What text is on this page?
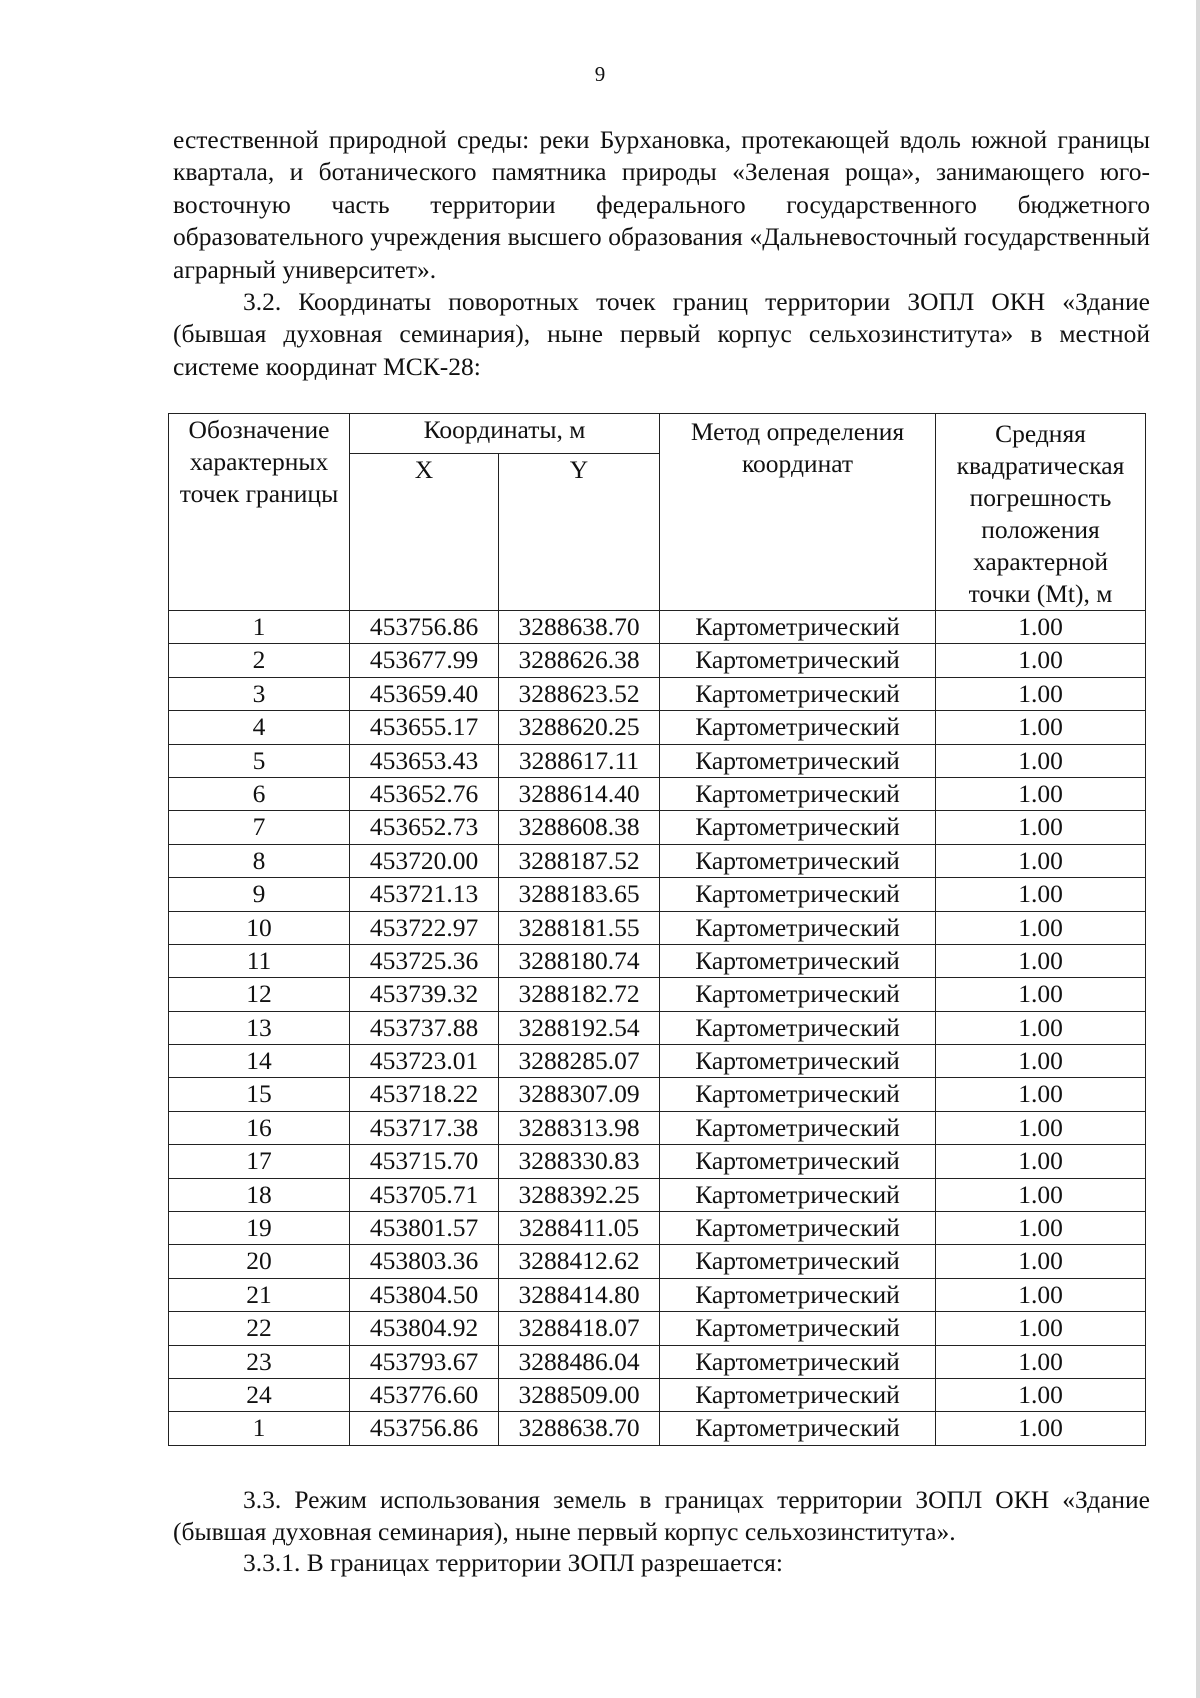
9

естественной природной среды: реки Бурхановка, протекающей вдоль южной границы квартала, и ботанического памятника природы «Зеленая роща», занимающего юго-восточную часть территории федерального государственного бюджетного образовательного учреждения высшего образования «Дальневосточный государственный аграрный университет».

3.2. Координаты поворотных точек границ территории ЗОПЛ ОКН «Здание (бывшая духовная семинария), ныне первый корпус сельхозинститута» в местной системе координат МСК-28:

Обозначение характерных точек границы	Координаты, м		Метод определения координат	Средняя квадратическая погрешность положения характерной точки (Mt), м
	X	Y		
1	453756.86	3288638.70	Картометрический	1.00
2	453677.99	3288626.38	Картометрический	1.00
3	453659.40	3288623.52	Картометрический	1.00
4	453655.17	3288620.25	Картометрический	1.00
5	453653.43	3288617.11	Картометрический	1.00
6	453652.76	3288614.40	Картометрический	1.00
7	453652.73	3288608.38	Картометрический	1.00
8	453720.00	3288187.52	Картометрический	1.00
9	453721.13	3288183.65	Картометрический	1.00
10	453722.97	3288181.55	Картометрический	1.00
11	453725.36	3288180.74	Картометрический	1.00
12	453739.32	3288182.72	Картометрический	1.00
13	453737.88	3288192.54	Картометрический	1.00
14	453723.01	3288285.07	Картометрический	1.00
15	453718.22	3288307.09	Картометрический	1.00
16	453717.38	3288313.98	Картометрический	1.00
17	453715.70	3288330.83	Картометрический	1.00
18	453705.71	3288392.25	Картометрический	1.00
19	453801.57	3288411.05	Картометрический	1.00
20	453803.36	3288412.62	Картометрический	1.00
21	453804.50	3288414.80	Картометрический	1.00
22	453804.92	3288418.07	Картометрический	1.00
23	453793.67	3288486.04	Картометрический	1.00
24	453776.60	3288509.00	Картометрический	1.00
1	453756.86	3288638.70	Картометрический	1.00

3.3. Режим использования земель в границах территории ЗОПЛ ОКН «Здание (бывшая духовная семинария), ныне первый корпус сельхозинститута».

3.3.1. В границах территории ЗОПЛ разрешается:
